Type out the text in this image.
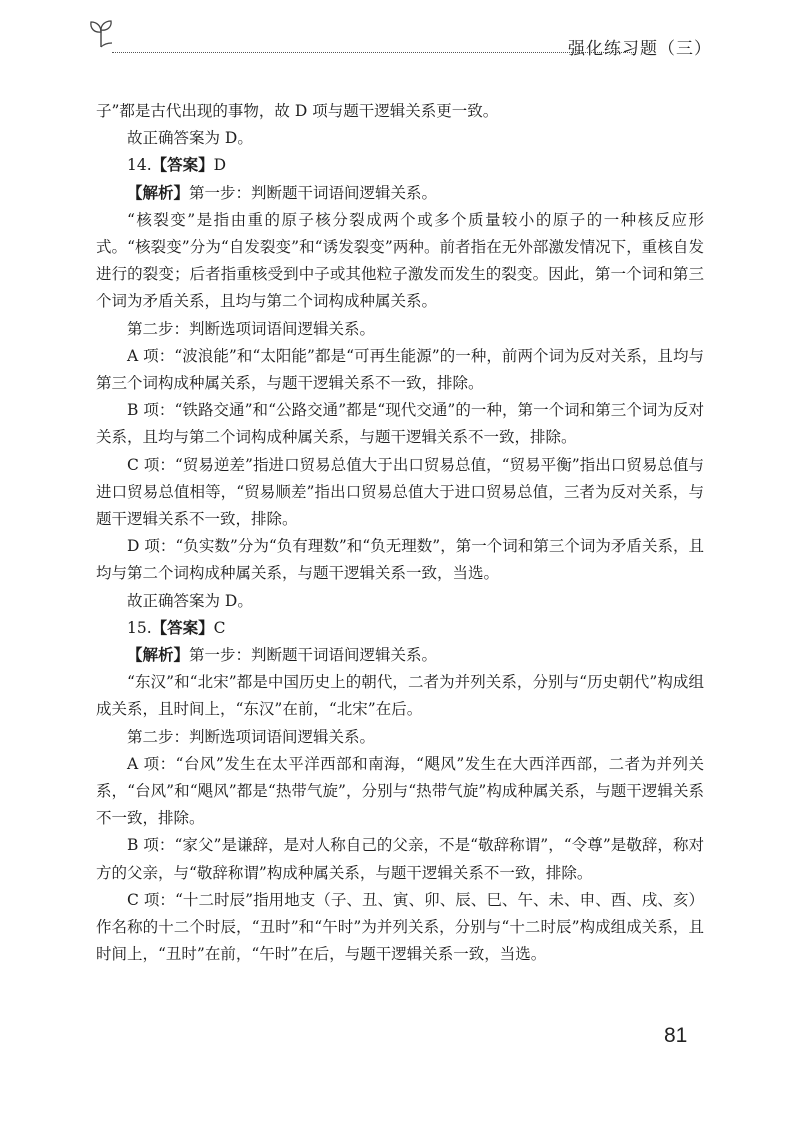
强化练习题（三）

子”都是古代出现的事物，故 D 项与题干逻辑关系更一致。

故正确答案为 D。

14.【答案】D

【解析】第一步：判断题干词语间逻辑关系。

“核裂变”是指由重的原子核分裂成两个或多个质量较小的原子的一种核反应形式。“核裂变”分为“自发裂变”和“诱发裂变”两种。前者指在无外部激发情况下，重核自发进行的裂变；后者指重核受到中子或其他粒子激发而发生的裂变。因此，第一个词和第三个词为矛盾关系，且均与第二个词构成种属关系。

第二步：判断选项词语间逻辑关系。

A 项：“波浪能”和“太阳能”都是“可再生能源”的一种，前两个词为反对关系，且均与第三个词构成种属关系，与题干逻辑关系不一致，排除。

B 项：“铁路交通”和“公路交通”都是“现代交通”的一种，第一个词和第三个词为反对关系，且均与第二个词构成种属关系，与题干逻辑关系不一致，排除。

C 项：“贸易逆差”指进口贸易总值大于出口贸易总值，“贸易平衡”指出口贸易总值与进口贸易总值相等，“贸易顺差”指出口贸易总值大于进口贸易总值，三者为反对关系，与题干逻辑关系不一致，排除。

D 项：“负实数”分为“负有理数”和“负无理数”，第一个词和第三个词为矛盾关系，且均与第二个词构成种属关系，与题干逻辑关系一致，当选。

故正确答案为 D。

15.【答案】C

【解析】第一步：判断题干词语间逻辑关系。

“东汉”和“北宋”都是中国历史上的朝代，二者为并列关系，分别与“历史朝代”构成组成关系，且时间上，“东汉”在前，“北宋”在后。

第二步：判断选项词语间逻辑关系。

A 项：“台风”发生在太平洋西部和南海，“飓风”发生在大西洋西部，二者为并列关系，“台风”和“飓风”都是“热带气旋”，分别与“热带气旋”构成种属关系，与题干逻辑关系不一致，排除。

B 项：“家父”是谦辞，是对人称自己的父亲，不是“敬辞称谓”，“令尊”是敬辞，称对方的父亲，与“敬辞称谓”构成种属关系，与题干逻辑关系不一致，排除。

C 项：“十二时辰”指用地支（子、丑、寅、卯、辰、巳、午、未、申、酉、戌、亥）作名称的十二个时辰，“丑时”和“午时”为并列关系，分别与“十二时辰”构成组成关系，且时间上，“丑时”在前，“午时”在后，与题干逻辑关系一致，当选。

81
